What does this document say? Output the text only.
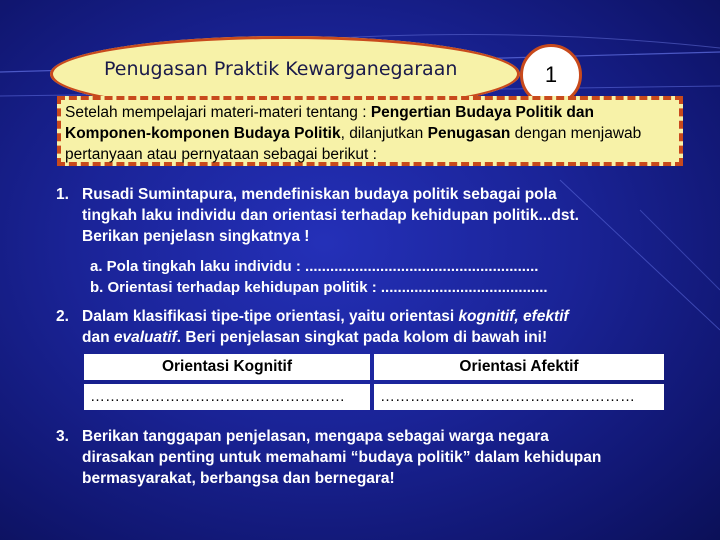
Penugasan Praktik Kewarganegaraan	1
Setelah mempelajari materi-materi tentang : Pengertian Budaya Politik dan Komponen-komponen Budaya Politik, dilanjutkan Penugasan dengan menjawab pertanyaan atau pernyataan sebagai berikut :
1. Rusadi Sumintapura, mendefiniskan budaya politik sebagai pola
tingkah laku individu dan orientasi terhadap kehidupan politik...dst.
Berikan penjelasn singkatnya !
a. Pola tingkah laku individu : ........................................................
b. Orientasi terhadap kehidupan politik : ........................................
2. Dalam klasifikasi tipe-tipe orientasi, yaitu orientasi kognitif, efektif
dan evaluatif. Beri penjelasan singkat pada kolom di bawah ini!
Orientasi Kognitif	Orientasi Afektif
……………………………………………	……………………………………………
3. Berikan tanggapan penjelasan, mengapa sebagai warga negara
dirasakan penting untuk memahami “budaya politik” dalam kehidupan
bermasyarakat, berbangsa dan bernegara!
